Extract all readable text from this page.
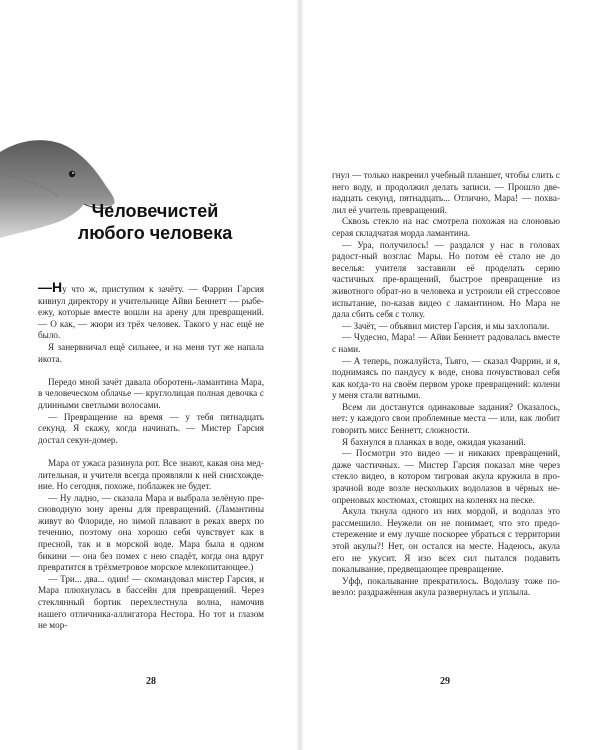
Человечистей
любого человека

—Ну что ж, приступим к зачёту. — Фаррин Гарсия кивнул директору и учительнице Айви Беннетт — рыбе-ежу, которые вместе вошли на арену для превращений. — О как, — жюри из трёх человек. Такого у нас ещё не было.

Я занервничал ещё сильнее, и на меня тут же напала икота.

Передо мной зачёт давала оборотень-ламантина Мара, в человеческом облачье — круглолицая полная девочка с длинными светлыми волосами.

— Превращение на время — у тебя пятнадцать секунд. Я скажу, когда начинать. — Мистер Гарсия достал секун-домер.

Мара от ужаса разинула рот. Все знают, какая она мед-лительная, и учителя всегда проявляли к ней снисхожде-ние. Но сегодня, похоже, поблажек не будет.

— Ну ладно, — сказала Мара и выбрала зелёную пре-сноводную зону арены для превращений. (Ламантины живут во Флориде, но зимой плавают в реках вверх по течению, поэтому она хорошо себя чувствует как в пресной, так и в морской воде. Мара была в одном бикини — она без помех с нею спадёт, когда она вдруг превратится в трёхметровое морское млекопитающее.)

— Три... два... один! — скомандовал мистер Гарсия, и Мара плюхнулась в бассейн для превращений. Через стеклянный бортик перехлестнула волна, намочив нашего отличника-аллигатора Нестора. Но тот и глазом не мор-

28

гнул — только накренил учебный планшет, чтобы слить с него воду, и продолжил делать записи. — Прошло две-надцать секунд, пятнадцать... Отлично, Мара! — похва-лил её учитель превращений.

Сквозь стекло на нас смотрела похожая на слоновью серая складчатая морда ламантина.

— Ура, получилось! — раздался у нас в головах радост-ный возглас Мары. Но потом её стало не до веселья: учителя заставили её проделать серию частичных пре-вращений, быстрое превращение из животного обрат-но в человека и устроили ей стрессовое испытание, по-казав видео с ламантином. Но Мара не дала сбить себя с толку.

— Зачёт, — объявил мистер Гарсия, и мы захлопали.

— Чудесно, Мара! — Айви Беннетт радовалась вместе с нами.

— А теперь, пожалуйста, Тьяго, — сказал Фаррин, и я, поднимаясь по пандусу к воде, снова почувствовал себя как когда-то на своём первом уроке превращений: колени у меня стали ватными.

Всем ли достанутся одинаковые задания? Оказалось, нет: у каждого свои проблемные места — или, как любит говорить мисс Беннетт, сложности.

Я бахнулся в планках в воде, ожидая указаний.

— Посмотри это видео — и никаких превращений, даже частичных. — Мистер Гарсия показал мне через стекло видео, в котором тигровая акула кружила в про-зрачной воде возле нескольких водолазов в чёрных не-опреновых костюмах, стоящих на коленях на песке.

Акула ткнула одного из них мордой, и водолаз это рассмешило. Неужели он не понимает, что это предо-стережение и ему лучше поскорее убраться с территории этой акулы?! Нет, он остался на месте. Надеюсь, акула его не укусит. Я изо всех сил пытался подавить покалывание, предвещающее превращение.

Уфф, покалывание прекратилось. Водолазу тоже по-везло: раздражённая акула развернулась и уплыла.

29
